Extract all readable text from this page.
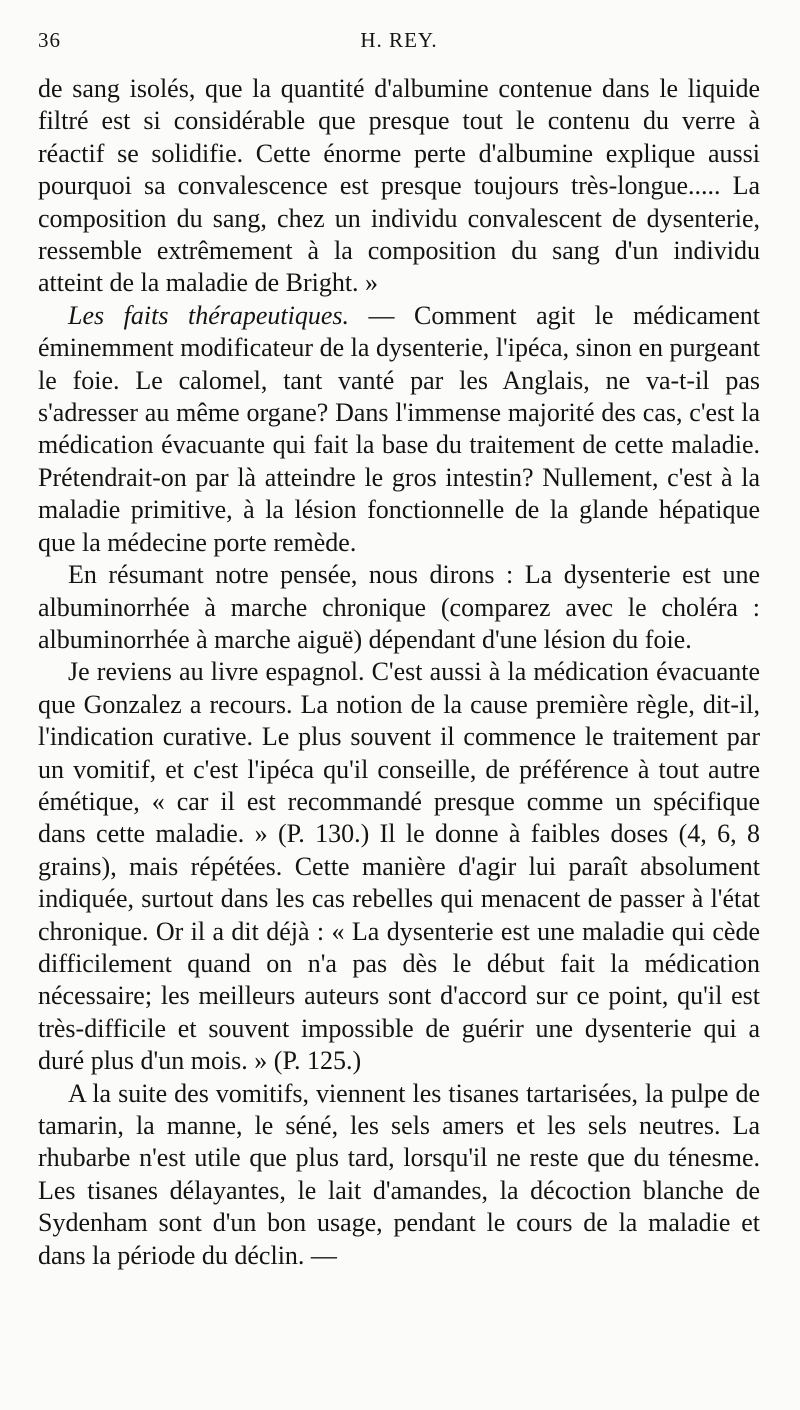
36	H. REY.

de sang isolés, que la quantité d'albumine contenue dans le liquide filtré est si considérable que presque tout le contenu du verre à réactif se solidifie. Cette énorme perte d'albumine explique aussi pourquoi sa convalescence est presque toujours très-longue..... La composition du sang, chez un individu convalescent de dysenterie, ressemble extrêmement à la composition du sang d'un individu atteint de la maladie de Bright. »

Les faits thérapeutiques. — Comment agit le médicament éminemment modificateur de la dysenterie, l'ipéca, sinon en purgeant le foie. Le calomel, tant vanté par les Anglais, ne va-t-il pas s'adresser au même organe? Dans l'immense majorité des cas, c'est la médication évacuante qui fait la base du traitement de cette maladie. Prétendrait-on par là atteindre le gros intestin? Nullement, c'est à la maladie primitive, à la lésion fonctionnelle de la glande hépatique que la médecine porte remède.

En résumant notre pensée, nous dirons : La dysenterie est une albuminorrhée à marche chronique (comparez avec le choléra : albuminorrhée à marche aiguë) dépendant d'une lésion du foie.

Je reviens au livre espagnol. C'est aussi à la médication évacuante que Gonzalez a recours. La notion de la cause première règle, dit-il, l'indication curative. Le plus souvent il commence le traitement par un vomitif, et c'est l'ipéca qu'il conseille, de préférence à tout autre émétique, « car il est recommandé presque comme un spécifique dans cette maladie. » (P. 130.) Il le donne à faibles doses (4, 6, 8 grains), mais répétées. Cette manière d'agir lui paraît absolument indiquée, surtout dans les cas rebelles qui menacent de passer à l'état chronique. Or il a dit déjà : « La dysenterie est une maladie qui cède difficilement quand on n'a pas dès le début fait la médication nécessaire; les meilleurs auteurs sont d'accord sur ce point, qu'il est très-difficile et souvent impossible de guérir une dysenterie qui a duré plus d'un mois. » (P. 125.)

A la suite des vomitifs, viennent les tisanes tartarisées, la pulpe de tamarin, la manne, le séné, les sels amers et les sels neutres. La rhubarbe n'est utile que plus tard, lorsqu'il ne reste que du ténesme. Les tisanes délayantes, le lait d'amandes, la décoction blanche de Sydenham sont d'un bon usage, pendant le cours de la maladie et dans la période du déclin. —
